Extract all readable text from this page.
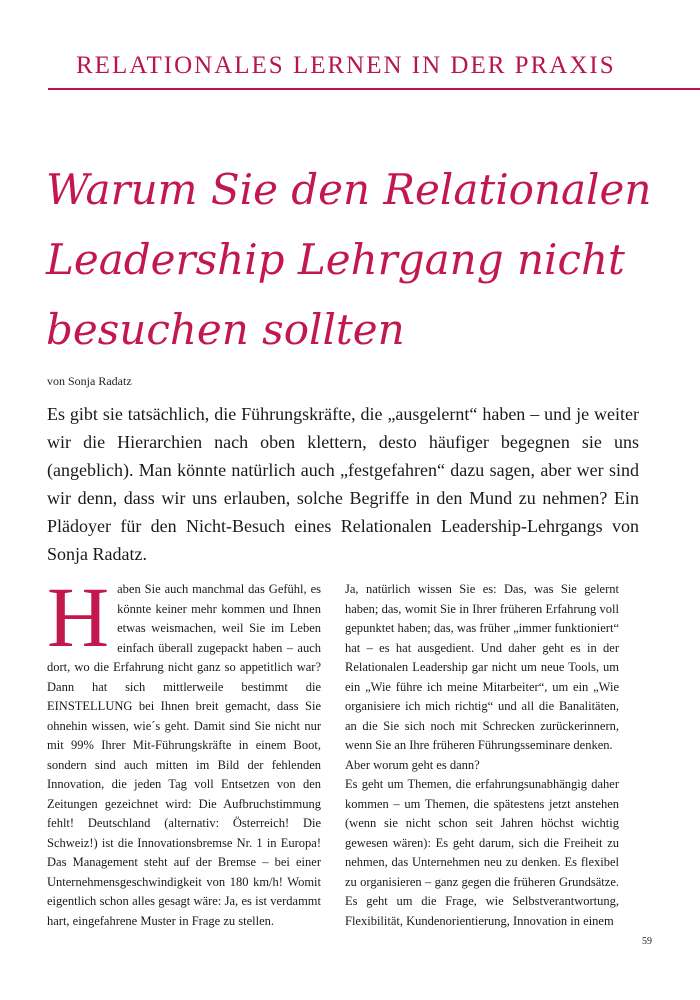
RELATIONALES LERNEN IN DER PRAXIS
Warum Sie den Relationalen Leadership Lehrgang nicht besuchen sollten
von Sonja Radatz

Es gibt sie tatsächlich, die Führungskräfte, die „ausgelernt“ haben – und je weiter wir die Hierarchien nach oben klettern, desto häufiger begegnen sie uns (angeblich). Man könnte natürlich auch „festgefahren“ dazu sagen, aber wer sind wir denn, dass wir uns erlauben, solche Begriffe in den Mund zu nehmen? Ein Plädoyer für den Nicht-Besuch eines Relationalen Leadership-Lehrgangs von Sonja Radatz.

H aben Sie auch manchmal das Gefühl, es könnte keiner mehr kommen und Ihnen etwas weismachen, weil Sie im Leben einfach überall zugepackt haben – auch dort, wo die Erfahrung nicht ganz so appetitlich war? Dann hat sich mittlerweile bestimmt die EINSTELLUNG bei Ihnen breit gemacht, dass Sie ohnehin wissen, wie´s geht. Damit sind Sie nicht nur mit 99% Ihrer Mit-Führungskräfte in einem Boot, sondern sind auch mitten im Bild der fehlenden Innovation, die jeden Tag voll Entsetzen von den Zeitungen gezeichnet wird: Die Aufbruchstimmung fehlt! Deutschland (alternativ: Österreich! Die Schweiz!) ist die Innovationsbremse Nr. 1 in Europa! Das Management steht auf der Bremse – bei einer Unternehmensgeschwindigkeit von 180 km/h! Womit eigentlich schon alles gesagt wäre: Ja, es ist verdammt hart, eingefahrene Muster in Frage zu stellen.

Ja, natürlich wissen Sie es: Das, was Sie gelernt haben; das, womit Sie in Ihrer früheren Erfahrung voll gepunktet haben; das, was früher „immer funktioniert“ hat – es hat ausgedient. Und daher geht es in der Relationalen Leadership gar nicht um neue Tools, um ein „Wie führe ich meine Mitarbeiter“, um ein „Wie organisiere ich mich richtig“ und all die Banalitäten, an die Sie sich noch mit Schrecken zurückerinnern, wenn Sie an Ihre früheren Führungsseminare denken.

Aber worum geht es dann?

Es geht um Themen, die erfahrungsunabhängig daher kommen – um Themen, die spätestens jetzt anstehen (wenn sie nicht schon seit Jahren höchst wichtig gewesen wären): Es geht darum, sich die Freiheit zu nehmen, das Unternehmen neu zu denken. Es flexibel zu organisieren – ganz gegen die früheren Grundsätze. Es geht um die Frage, wie Selbstverantwortung, Flexibilität, Kundenorientierung, Innovation in einem

59
